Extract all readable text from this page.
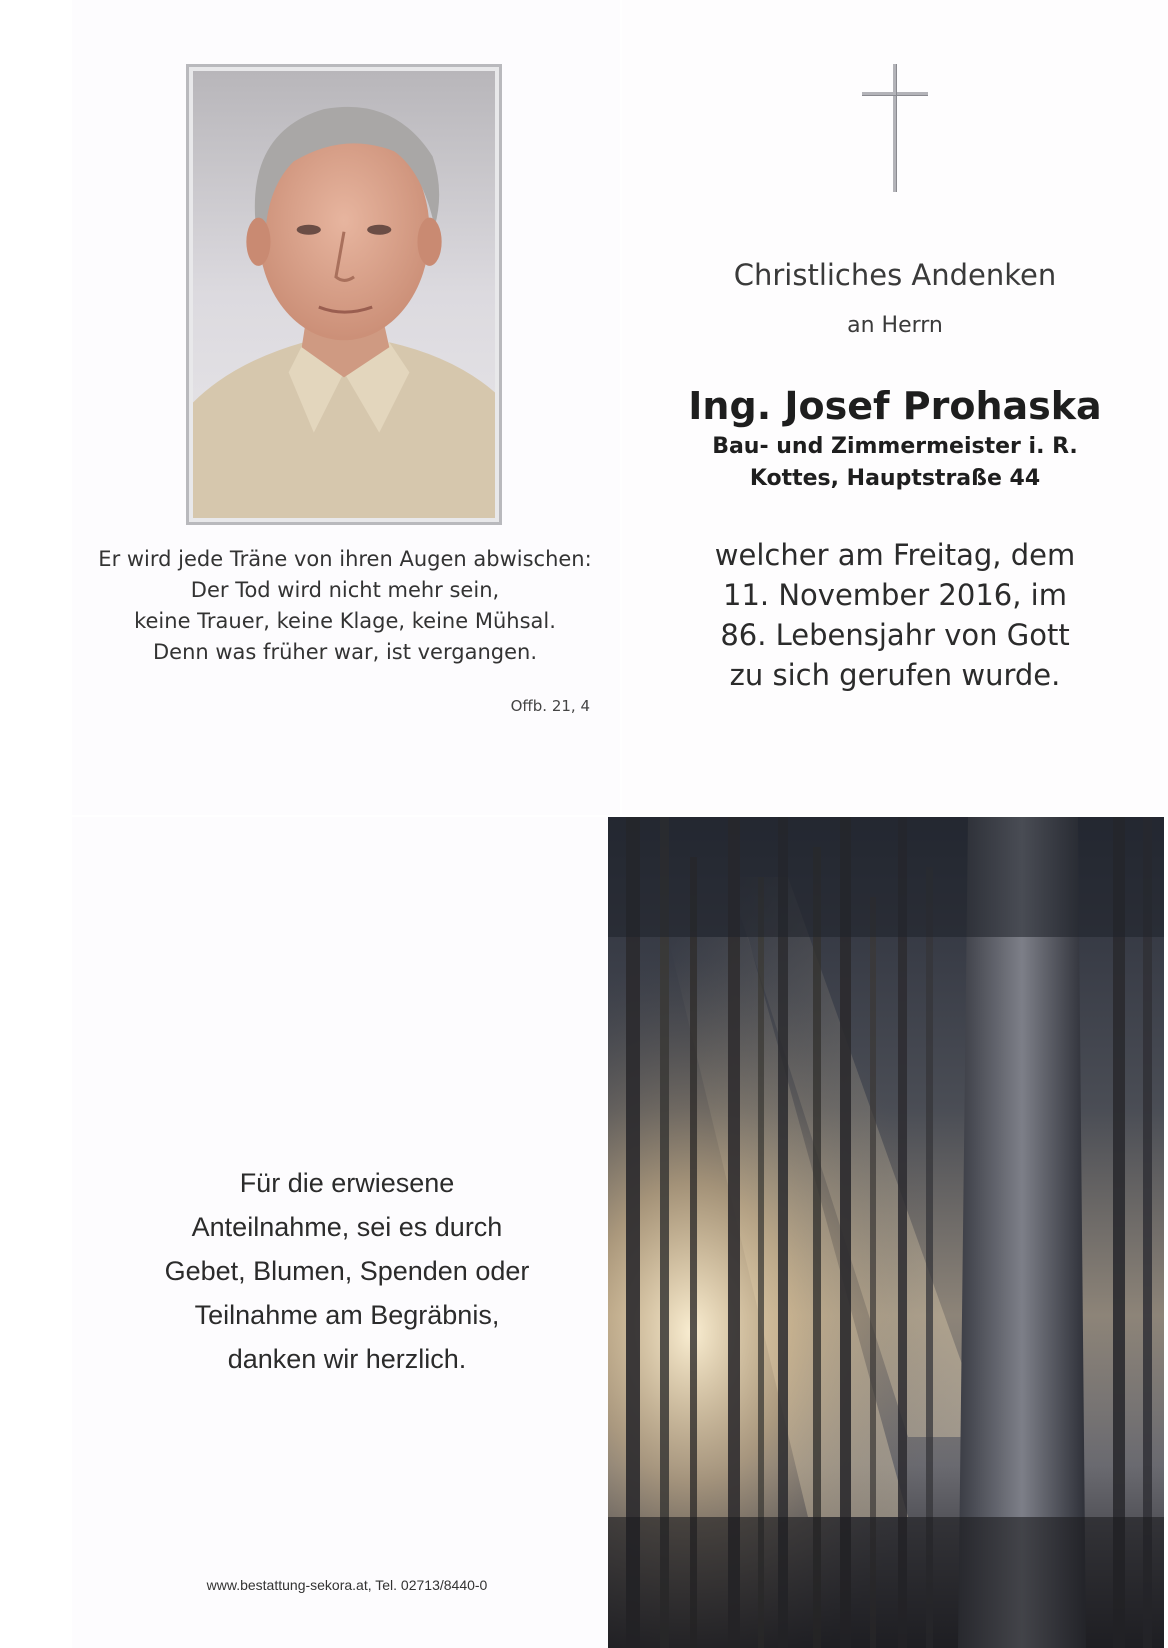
Er wird jede Träne von ihren Augen abwischen:
Der Tod wird nicht mehr sein,
keine Trauer, keine Klage, keine Mühsal.
Denn was früher war, ist vergangen.
Offb. 21, 4
Christliches Andenken
an Herrn
Ing. Josef Prohaska
Bau- und Zimmermeister i. R.
Kottes, Hauptstraße 44
welcher am Freitag, dem
11. November 2016, im
86. Lebensjahr von Gott
zu sich gerufen wurde.
Für die erwiesene
Anteilnahme, sei es durch
Gebet, Blumen, Spenden oder
Teilnahme am Begräbnis,
danken wir herzlich.
www.bestattung-sekora.at, Tel. 02713/8440-0
